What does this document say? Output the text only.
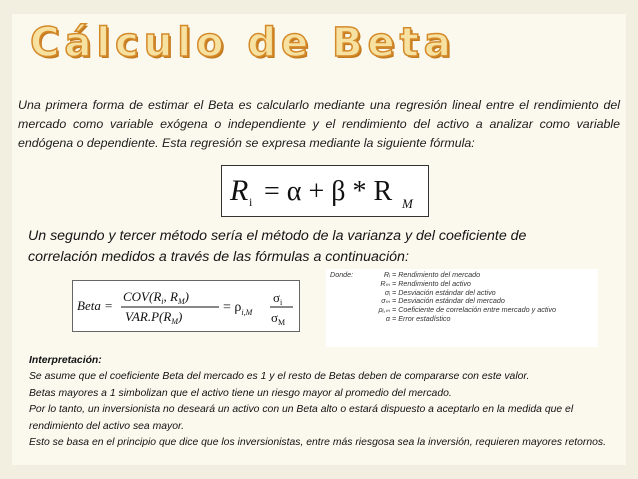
Cálculo de Beta
Una primera forma de estimar el Beta es calcularlo mediante una regresión lineal entre el rendimiento del mercado como variable exógena o independiente y el rendimiento del activo a analizar como variable endógena o dependiente. Esta regresión se expresa mediante la siguiente fórmula:
R i = α + β * R M
Un segundo y tercer método sería el método de la varianza y del coeficiente de correlación medidos a través de las fórmulas a continuación:
Beta =
$COV(R_i$, $R_M$)
$VAR.P(R_M)$
= $\rho_{i,M}$
$\sigma_i$
$\sigma_M$
Donde:	Rᵢ = Rendimiento del mercado
Rₘ = Rendimiento del activo
σᵢ = Desviación estándar del activo
σₘ = Desviación estándar del mercado
ρᵢ,ₘ = Coeficiente de correlación entre mercado y activo
α = Error estadístico
Interpretación:
Se asume que el coeficiente Beta del mercado es 1 y el resto de Betas deben de compararse con este valor.
Betas mayores a 1 simbolizan que el activo tiene un riesgo mayor al promedio del mercado.
Por lo tanto, un inversionista no deseará un activo con un Beta alto o estará dispuesto a aceptarlo en la medida que el rendimiento del activo sea mayor.
Esto se basa en el principio que dice que los inversionistas, entre más riesgosa sea la inversión, requieren mayores retornos.
